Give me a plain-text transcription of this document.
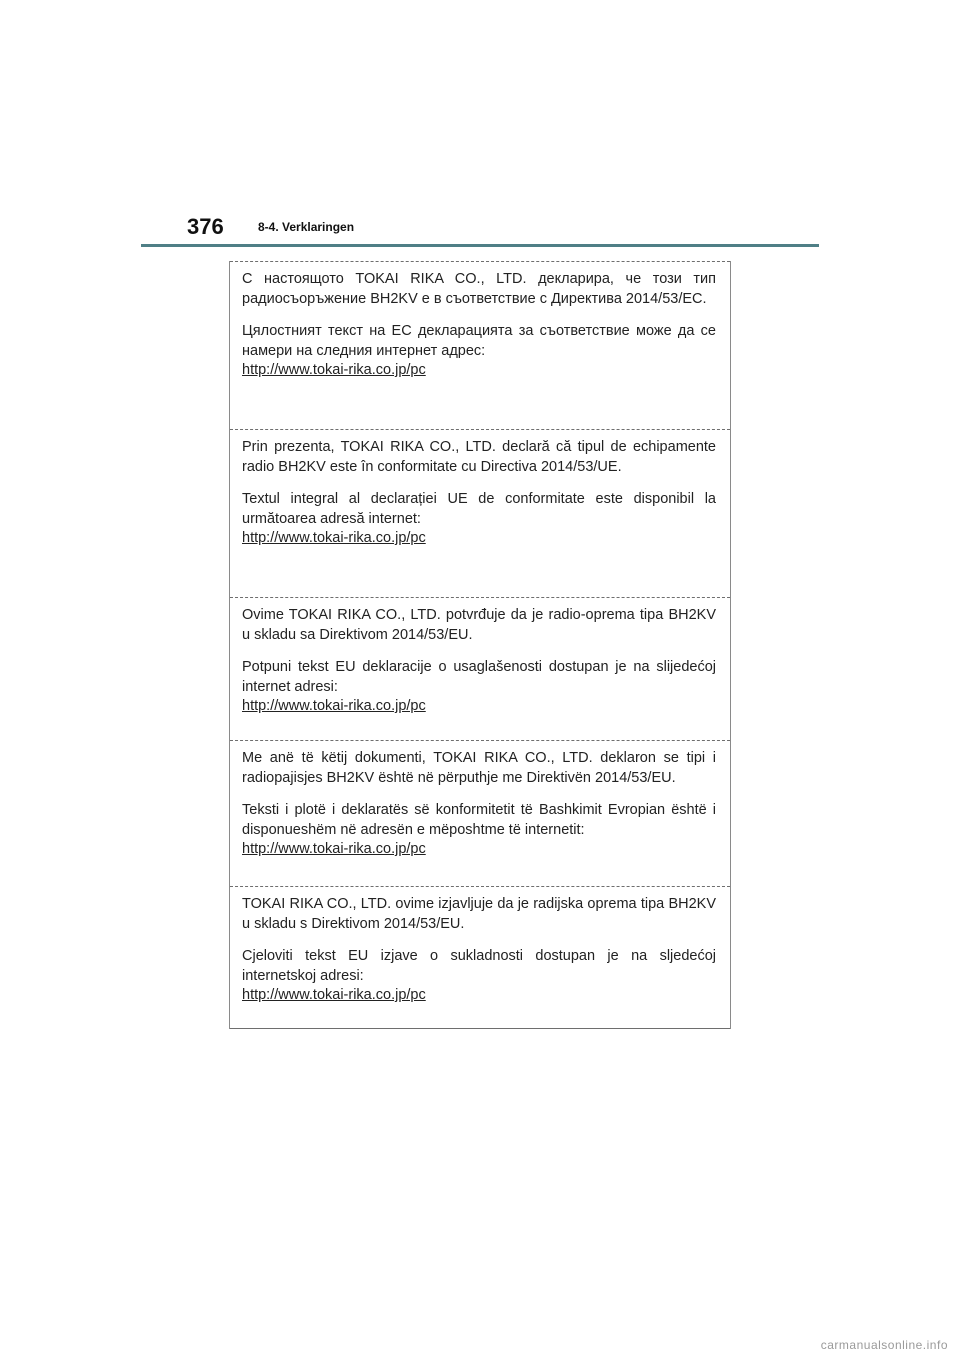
376	8-4. Verklaringen

С настоящото TOKAI RIKA CO., LTD. декларира, че този тип радиосъоръжение BH2KV е в съответствие с Директива 2014/53/ЕС.

Цялостният текст на ЕС декларацията за съответствие може да се намери на следния интернет адрес:

http://www.tokai-rika.co.jp/pc

Prin prezenta, TOKAI RIKA CO., LTD. declară că tipul de echipamente radio BH2KV este în conformitate cu Directiva 2014/53/UE.

Textul integral al declarației UE de conformitate este disponibil la următoarea adresă internet:

http://www.tokai-rika.co.jp/pc

Ovime TOKAI RIKA CO., LTD. potvrđuje da je radio-oprema tipa BH2KV u skladu sa Direktivom 2014/53/EU.

Potpuni tekst EU deklaracije o usaglašenosti dostupan je na slijedećoj internet adresi:

http://www.tokai-rika.co.jp/pc

Me anë të këtij dokumenti, TOKAI RIKA CO., LTD. deklaron se tipi i radiopajisjes BH2KV është në përputhje me Direktivën 2014/53/EU.

Teksti i plotë i deklaratës së konformitetit të Bashkimit Evropian është i disponueshëm në adresën e mëposhtme të internetit:

http://www.tokai-rika.co.jp/pc

TOKAI RIKA CO., LTD. ovime izjavljuje da je radijska oprema tipa BH2KV u skladu s Direktivom 2014/53/EU.

Cjeloviti tekst EU izjave o sukladnosti dostupan je na sljedećoj internetskoj adresi:

http://www.tokai-rika.co.jp/pc
carmanualsonline.info
